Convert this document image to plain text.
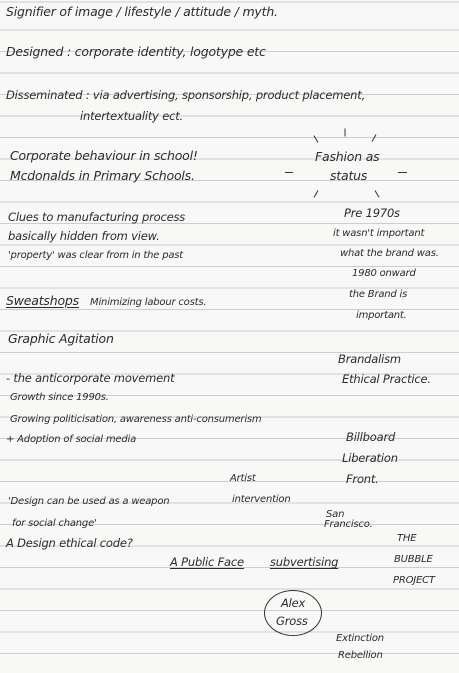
Signifier of image / lifestyle / attitude / myth.
Designed : corporate identity, logotype etc
Disseminated : via advertising, sponsorship, product placement,
intertextuality ect.
Corporate behaviour in school!
Mcdonalds in Primary Schools.
Fashion as
status
Clues to manufacturing process
basically hidden from view.
'property' was clear from in the past
Pre 1970s
it wasn't important
what the brand was.
1980 onward
the Brand is
important.
Sweatshops Minimizing labour costs.
Graphic Agitation
Brandalism
Ethical Practice.
- the anticorporate movement
Growth since 1990s.
Growing politicisation, awareness anti-consumerism
+ Adoption of social media	Billboard
Liberation
Front.
Artist
intervention
'Design can be used as a weapon
for social change'
San
Francisco.
A Design ethical code?	THE
BUBBLE
PROJECT
A Public Face subvertising
Alex
Gross
Extinction
Rebellion
